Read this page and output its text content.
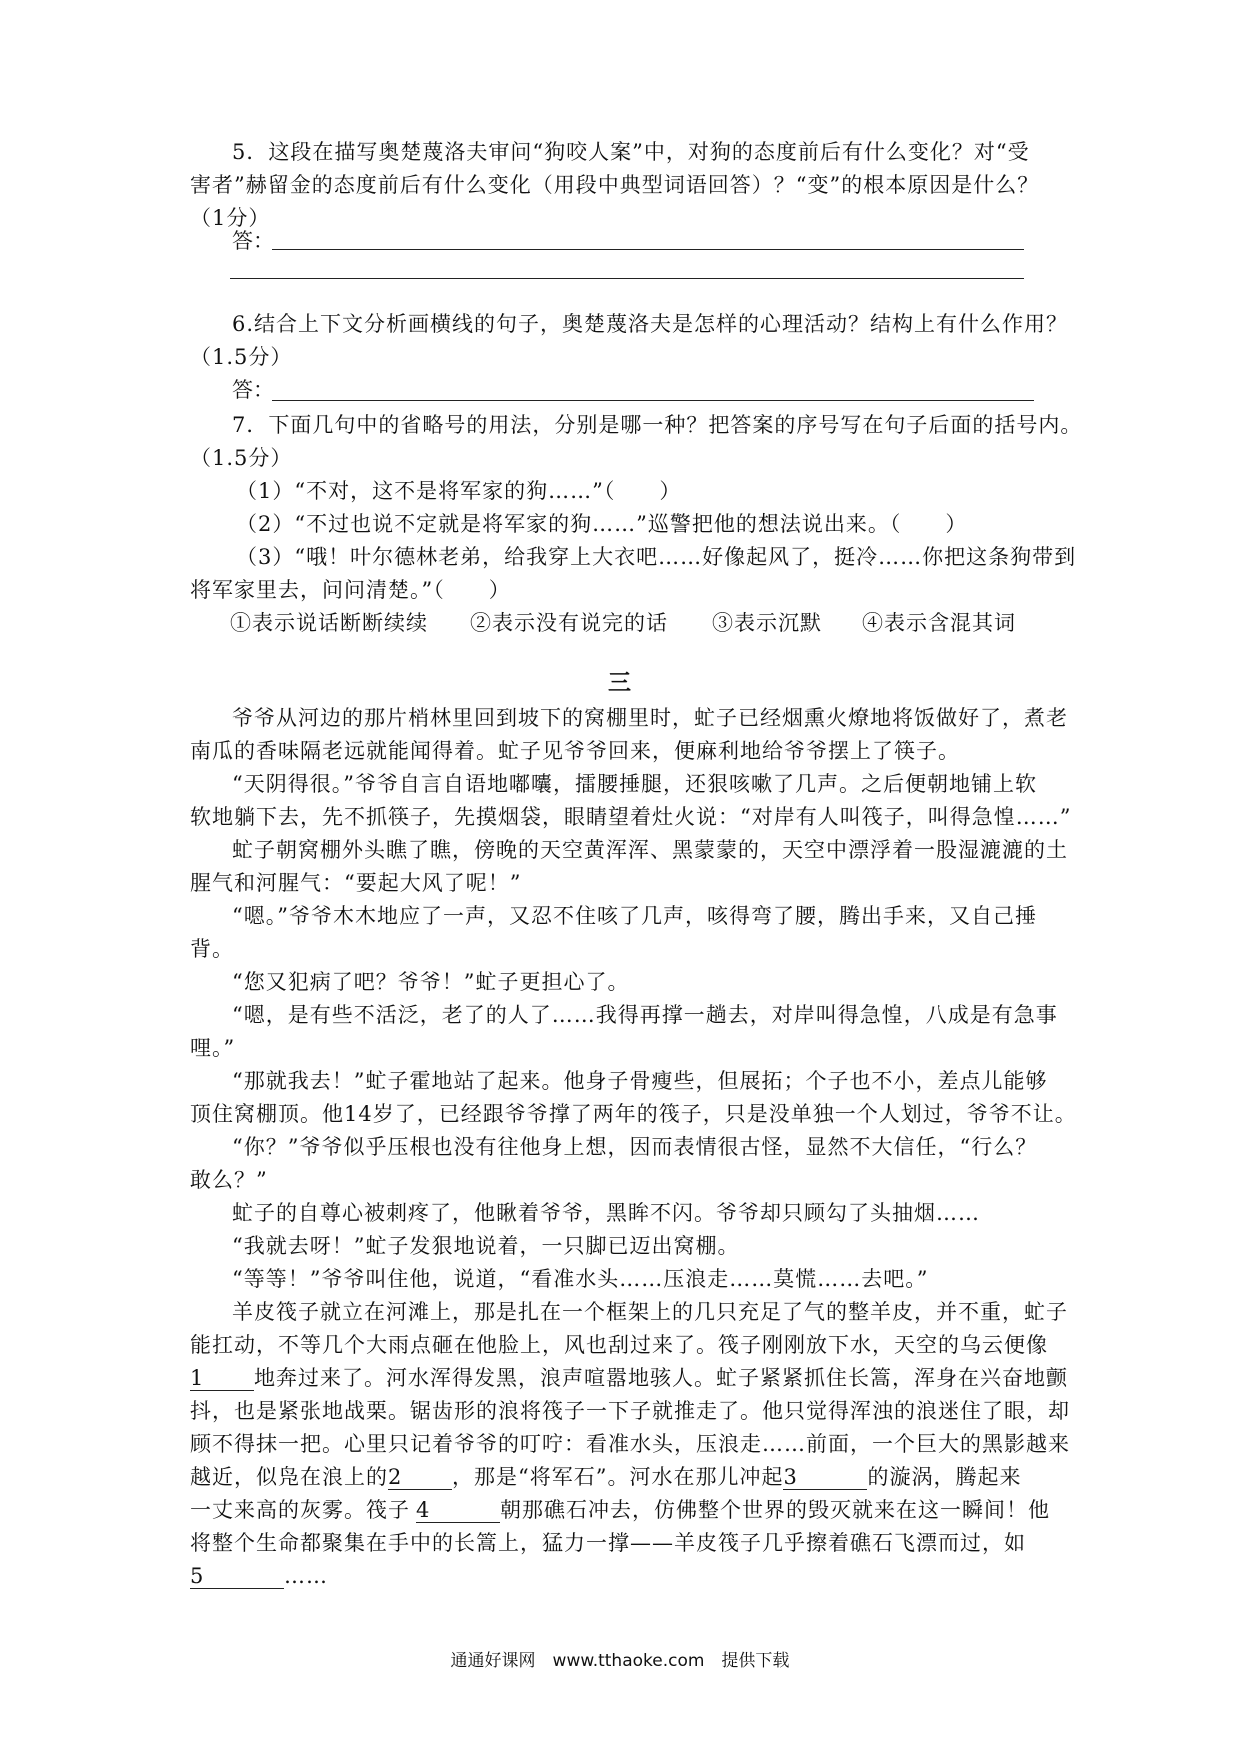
5．这段在描写奥楚蔑洛夫审问“狗咬人案”中，对狗的态度前后有什么变化？对“受
害者”赫留金的态度前后有什么变化（用段中典型词语回答）？“变”的根本原因是什么？
（1分）
答：
6.结合上下文分析画横线的句子，奥楚蔑洛夫是怎样的心理活动？结构上有什么作用？
（1.5分）
答：
7．下面几句中的省略号的用法，分别是哪一种？把答案的序号写在句子后面的括号内。
（1.5分）
（1）“不对，这不是将军家的狗……”（　　）
（2）“不过也说不定就是将军家的狗……”巡警把他的想法说出来。（　　）
（3）“哦！叶尔德林老弟，给我穿上大衣吧……好像起风了，挺冷……你把这条狗带到
将军家里去，问问清楚。”（　　）
①表示说话断断续续	②表示没有说完的话	③表示沉默	④表示含混其词
三
爷爷从河边的那片梢林里回到坡下的窝棚里时，虻子已经烟熏火燎地将饭做好了，煮老
南瓜的香味隔老远就能闻得着。虻子见爷爷回来，便麻利地给爷爷摆上了筷子。
“天阴得很。”爷爷自言自语地嘟囔，擂腰捶腿，还狠咳嗽了几声。之后便朝地铺上软
软地躺下去，先不抓筷子，先摸烟袋，眼睛望着灶火说：“对岸有人叫筏子，叫得急惶……”
虻子朝窝棚外头瞧了瞧，傍晚的天空黄浑浑、黑蒙蒙的，天空中漂浮着一股湿漉漉的土
腥气和河腥气：“要起大风了呢！”
“嗯。”爷爷木木地应了一声，又忍不住咳了几声，咳得弯了腰，腾出手来，又自己捶
背。
“您又犯病了吧？爷爷！”虻子更担心了。
“嗯，是有些不活泛，老了的人了……我得再撑一趟去，对岸叫得急惶，八成是有急事
哩。”
“那就我去！”虻子霍地站了起来。他身子骨瘦些，但展拓；个子也不小，差点儿能够
顶住窝棚顶。他14岁了，已经跟爷爷撑了两年的筏子，只是没单独一个人划过，爷爷不让。
“你？”爷爷似乎压根也没有往他身上想，因而表情很古怪，显然不大信任，“行么？
敢么？”
虻子的自尊心被刺疼了，他瞅着爷爷，黑眸不闪。爷爷却只顾勾了头抽烟……
“我就去呀！”虻子发狠地说着，一只脚已迈出窝棚。
“等等！”爷爷叫住他，说道，“看准水头……压浪走……莫慌……去吧。”
羊皮筏子就立在河滩上，那是扎在一个框架上的几只充足了气的整羊皮，并不重，虻子
能扛动，不等几个大雨点砸在他脸上，风也刮过来了。筏子刚刚放下水，天空的乌云便像
1 地奔过来了。河水浑得发黑，浪声喧嚣地骇人。虻子紧紧抓住长篙，浑身在兴奋地颤
抖，也是紧张地战栗。锯齿形的浪将筏子一下子就推走了。他只觉得浑浊的浪迷住了眼，却
顾不得抹一把。心里只记着爷爷的叮咛：看准水头，压浪走……前面，一个巨大的黑影越来
越近，似凫在浪上的2 ，那是“将军石”。河水在那儿冲起3	的漩涡，腾起来
一丈来高的灰雾。筏子 4	朝那礁石冲去，仿佛整个世界的毁灭就来在这一瞬间！他
将整个生命都聚集在手中的长篙上，猛力一撑——羊皮筏子几乎擦着礁石飞漂而过，如
5	……
通通好课网　www.tthaoke.com　提供下载
